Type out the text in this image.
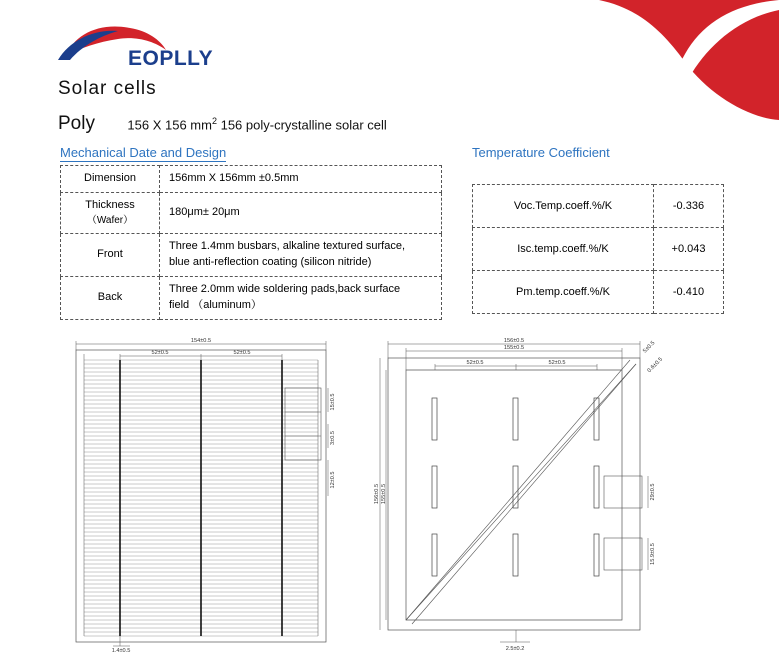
EOPLLY
Solar cells
Poly 156 X 156 $mm^2$ 156 poly-crystalline solar cell
Mechanical Date and Design	Temperature Coefficient
Dimension	156mm X 156mm ±0.5mm

Thickness
（Wafer）	180μm± 20μm

Front	Three 1.4mm busbars, alkaline textured surface,
blue anti-reflection coating (silicon nitride)

Back	Three 2.0mm wide soldering pads,back surface
field （aluminum）
Voc.Temp.coeff.%/K	-0.336
Isc.temp.coeff.%/K	+0.043
Pm.temp.coeff.%/K	-0.410
154±0.5
52±0.5	52±0.5
15±0.5
3±0.5
12±0.5
1.4±0.5
156±0.5
155±0.5
52±0.5	52±0.5
5±0.5
0.6±0.5
156±0.5 155±0.5	29±0.5
15.9±0.5
2.5±0.2
